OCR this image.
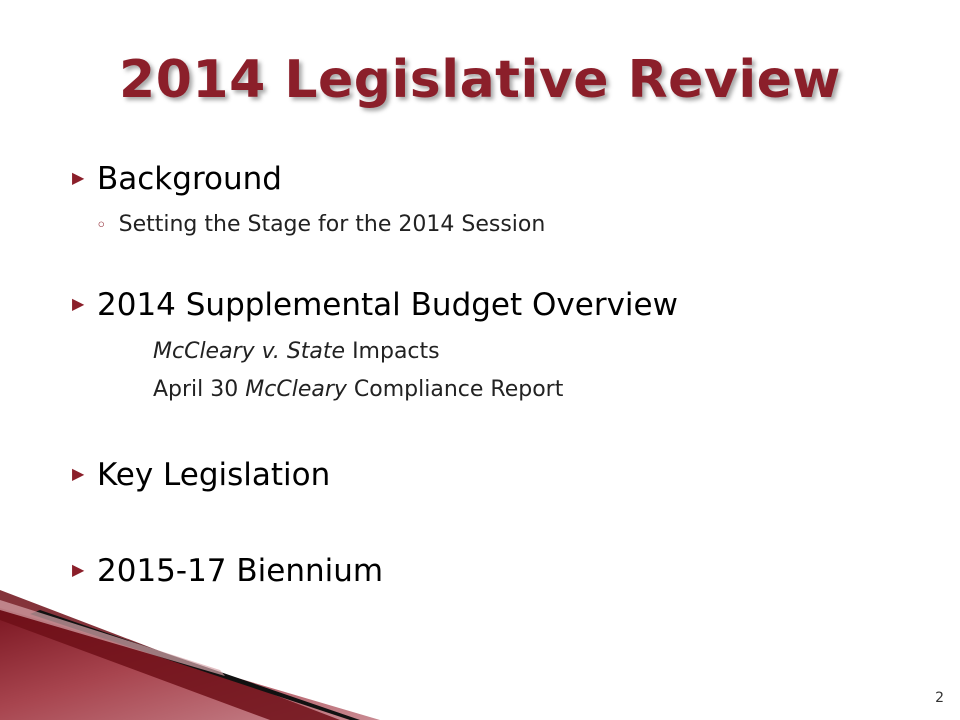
2014 Legislative Review
▶ Background
◦ Setting the Stage for the 2014 Session
▶ 2014 Supplemental Budget Overview
McCleary v. State Impacts
April 30 McCleary Compliance Report
▶ Key Legislation
▶ 2015-17 Biennium
2
